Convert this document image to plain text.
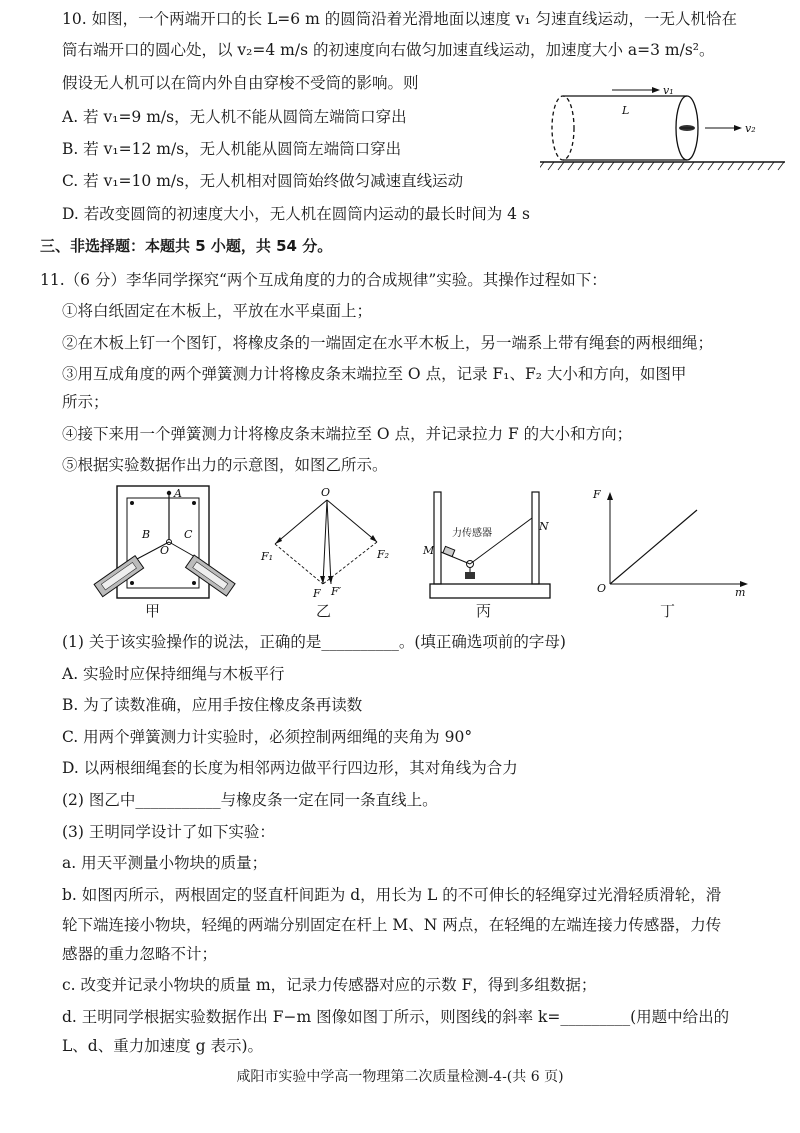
10. 如图，一个两端开口的长 L=6 m 的圆筒沿着光滑地面以速度 v₁ 匀速直线运动，一无人机恰在
筒右端开口的圆心处，以 v₂=4 m/s 的初速度向右做匀加速直线运动，加速度大小 a=3 m/s²。
假设无人机可以在筒内外自由穿梭不受筒的影响。则
A. 若 v₁=9 m/s，无人机不能从圆筒左端筒口穿出
B. 若 v₁=12 m/s，无人机能从圆筒左端筒口穿出
C. 若 v₁=10 m/s，无人机相对圆筒始终做匀减速直线运动
D. 若改变圆筒的初速度大小，无人机在圆筒内运动的最长时间为 4 s
v₁
L
v₂
三、非选择题：本题共 5 小题，共 54 分。
11.（6 分）李华同学探究“两个互成角度的力的合成规律”实验。其操作过程如下：
①将白纸固定在木板上，平放在水平桌面上；
②在木板上钉一个图钉，将橡皮条的一端固定在水平木板上，另一端系上带有绳套的两根细绳；
③用互成角度的两个弹簧测力计将橡皮条末端拉至 O 点，记录 F₁、F₂ 大小和方向，如图甲
所示；
④接下来用一个弹簧测力计将橡皮条末端拉至 O 点，并记录拉力 F 的大小和方向；
⑤根据实验数据作出力的示意图，如图乙所示。
A
O
B	C
甲
O
F₁	F₂
F F′
乙
M
N
力传感器
丙
F
m
O
丁
(1) 关于该实验操作的说法，正确的是__________。(填正确选项前的字母)
A. 实验时应保持细绳与木板平行
B. 为了读数准确，应用手按住橡皮条再读数
C. 用两个弹簧测力计实验时，必须控制两细绳的夹角为 90°
D. 以两根细绳套的长度为相邻两边做平行四边形，其对角线为合力
(2) 图乙中___________与橡皮条一定在同一条直线上。
(3) 王明同学设计了如下实验：
a. 用天平测量小物块的质量；
b. 如图丙所示，两根固定的竖直杆间距为 d，用长为 L 的不可伸长的轻绳穿过光滑轻质滑轮，滑
轮下端连接小物块，轻绳的两端分别固定在杆上 M、N 两点，在轻绳的左端连接力传感器，力传
感器的重力忽略不计；
c. 改变并记录小物块的质量 m，记录力传感器对应的示数 F，得到多组数据；
d. 王明同学根据实验数据作出 F−m 图像如图丁所示，则图线的斜率 k=_________(用题中给出的
L、d、重力加速度 g 表示)。
咸阳市实验中学高一物理第二次质量检测-4-(共 6 页)
